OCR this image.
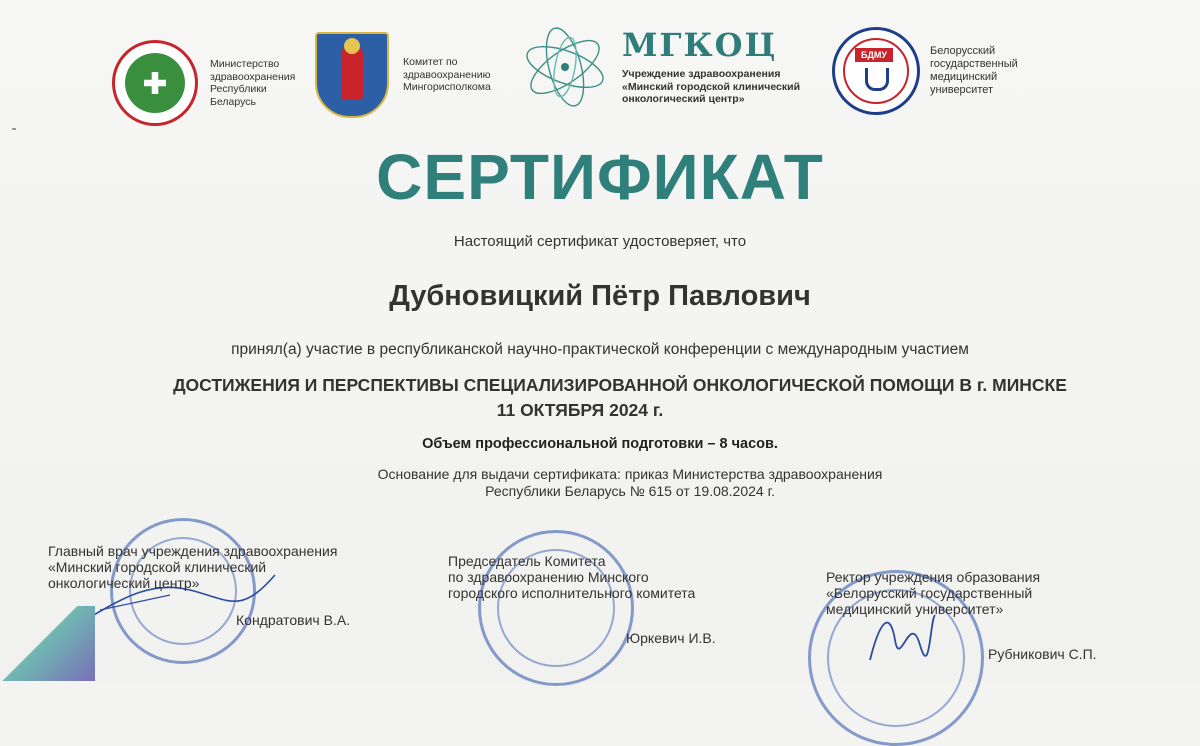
Министерство
здравоохранения
Республики
Беларусь
Комитет по
здравоохранению
Мингорисполкома
МГКОЦ
Учреждение здравоохранения
«Минский городской клинический
онкологический центр»
БДМУ	Белорусский
государственный
медицинский
университет
СЕРТИФИКАТ
Настоящий сертификат удостоверяет, что
Дубновицкий Пётр Павлович
принял(а) участие в республиканской научно-практической конференции с международным участием
ДОСТИЖЕНИЯ И ПЕРСПЕКТИВЫ СПЕЦИАЛИЗИРОВАННОЙ ОНКОЛОГИЧЕСКОЙ ПОМОЩИ В г. МИНСКЕ
11 ОКТЯБРЯ 2024 г.
Объем профессиональной подготовки – 8 часов.
Основание для выдачи сертификата: приказ Министерства здравоохранения
Республики Беларусь № 615 от 19.08.2024 г.
Главный врач учреждения здравоохранения
«Минский городской клинический
онкологический центр»
Кондратович В.А.
Председатель Комитета
по здравоохранению Минского
городского исполнительного комитета
Юркевич И.В.
Ректор учреждения образования
«Белорусский государственный
медицинский университет»
Рубникович С.П.
